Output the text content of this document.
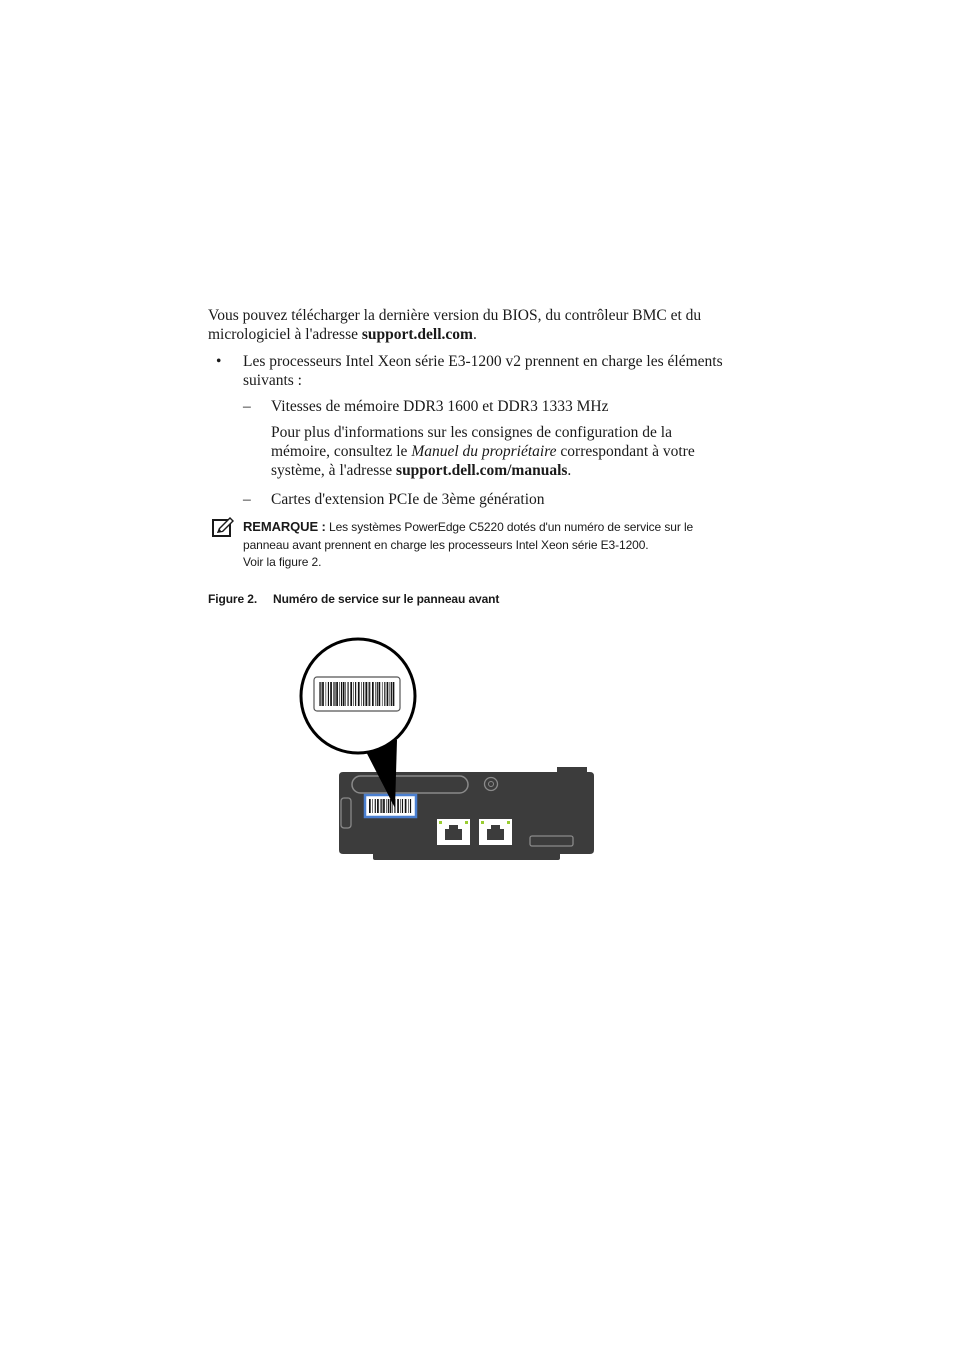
Vous pouvez télécharger la dernière version du BIOS, du contrôleur BMC et du
micrologiciel à l'adresse support.dell.com.
• Les processeurs Intel Xeon série E3-1200 v2 prennent en charge les éléments
suivants :
– Vitesses de mémoire DDR3 1600 et DDR3 1333 MHz
Pour plus d'informations sur les consignes de configuration de la
mémoire, consultez le Manuel du propriétaire correspondant à votre
système, à l'adresse support.dell.com/manuals.
– Cartes d'extension PCIe de 3ème génération
REMARQUE : Les systèmes PowerEdge C5220 dotés d'un numéro de service sur le
panneau avant prennent en charge les processeurs Intel Xeon série E3-1200.
Voir la figure 2.
Figure 2. Numéro de service sur le panneau avant
